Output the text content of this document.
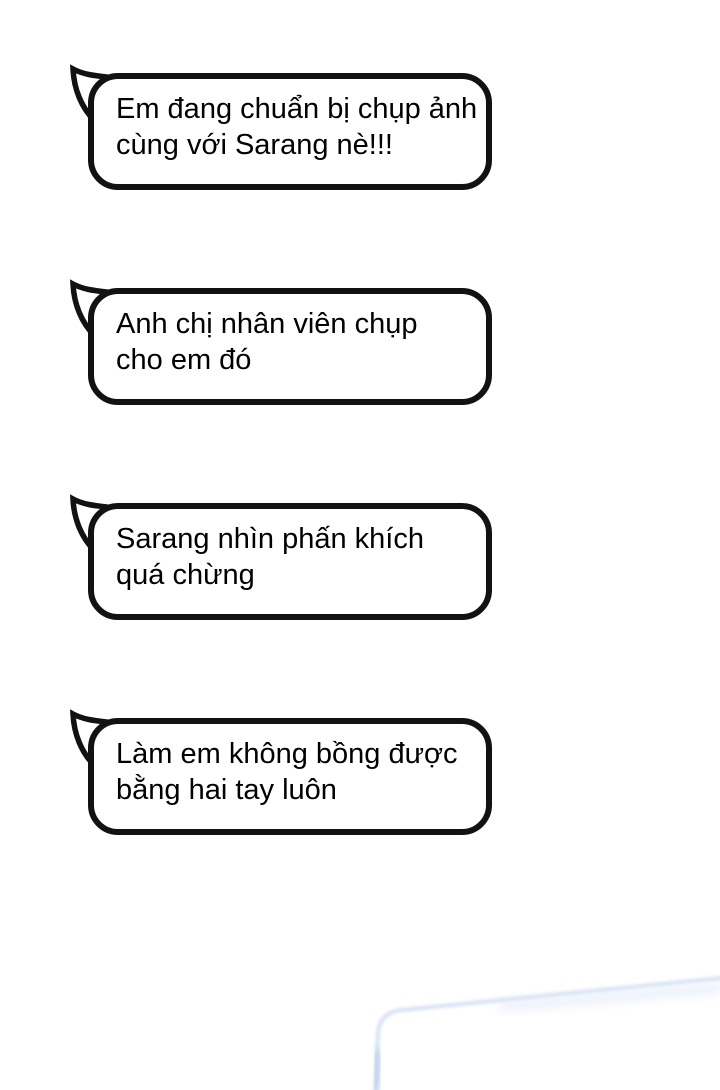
Em đang chuẩn bị chụp ảnh
cùng với Sarang nè!!!
Anh chị nhân viên chụp
cho em đó
Sarang nhìn phấn khích
quá chừng
Làm em không bồng được
bằng hai tay luôn
